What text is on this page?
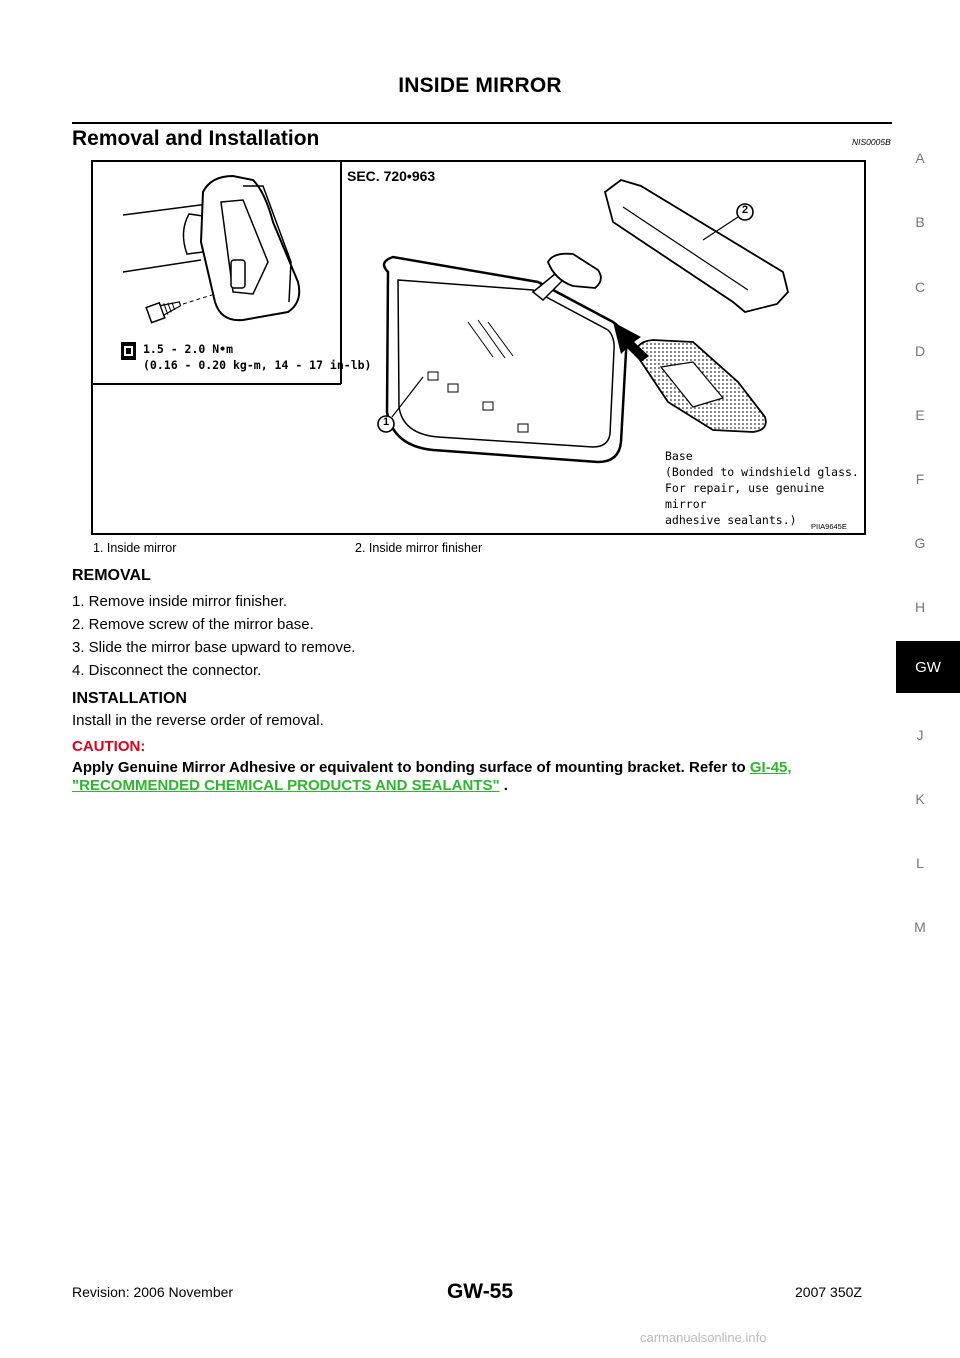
INSIDE MIRROR
Removal and Installation	NIS0005B
A
B
C
D
E
F
G
H
GW
J
K
L
M
SEC. 720•963
1.5 - 2.0 N•m
(0.16 - 0.20 kg-m, 14 - 17 in-lb)
1
2
Base
(Bonded to windshield glass.
For repair, use genuine mirror
adhesive sealants.)	PIIA9645E
1. Inside mirror	2. Inside mirror finisher
REMOVAL
1. Remove inside mirror finisher.
2. Remove screw of the mirror base.
3. Slide the mirror base upward to remove.
4. Disconnect the connector.
INSTALLATION
Install in the reverse order of removal.
CAUTION:
Apply Genuine Mirror Adhesive or equivalent to bonding surface of mounting bracket. Refer to GI-45,
"RECOMMENDED CHEMICAL PRODUCTS AND SEALANTS" .
Revision: 2006 November	GW-55	2007 350Z
carmanualsonline.info
